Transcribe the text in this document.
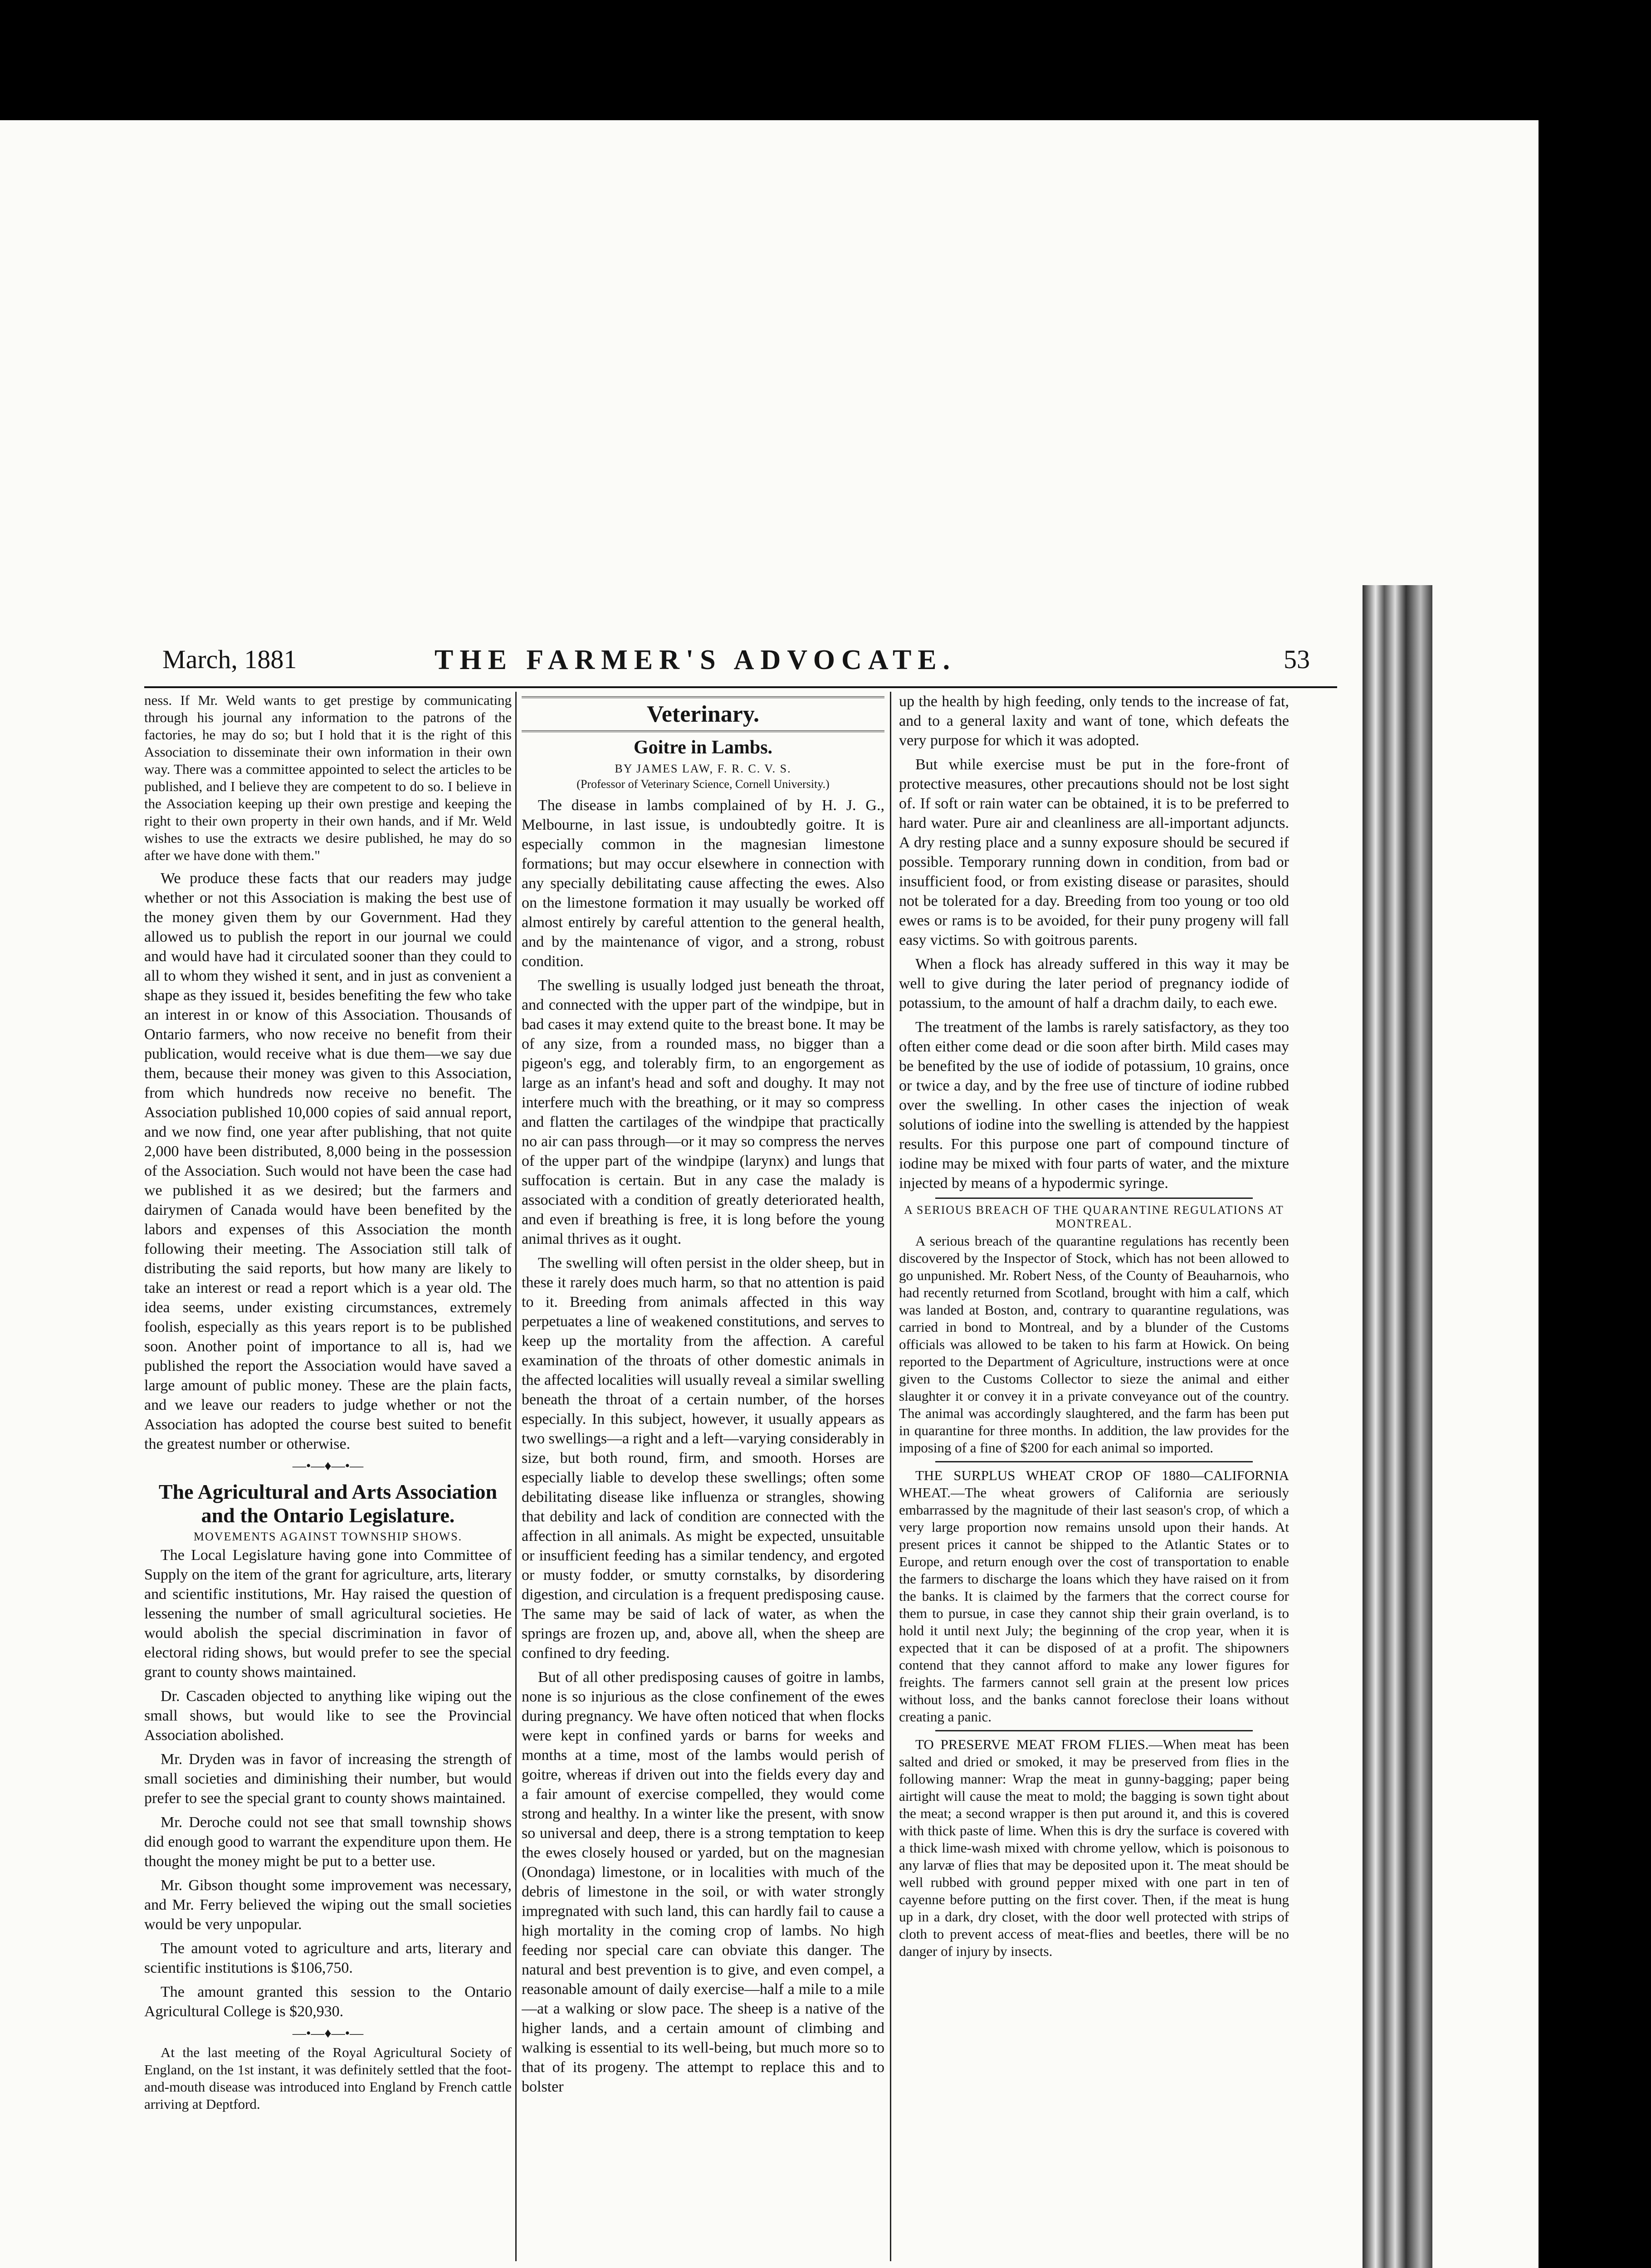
March, 1881	THE FARMER'S ADVOCATE.	53

ness. If Mr. Weld wants to get prestige by communicating through his journal any information to the patrons of the factories, he may do so; but I hold that it is the right of this Association to disseminate their own information in their own way. There was a committee appointed to select the articles to be published, and I believe they are competent to do so. I believe in the Association keeping up their own prestige and keeping the right to their own property in their own hands, and if Mr. Weld wishes to use the extracts we desire published, he may do so after we have done with them."

We produce these facts that our readers may judge whether or not this Association is making the best use of the money given them by our Government. Had they allowed us to publish the report in our journal we could and would have had it circulated sooner than they could to all to whom they wished it sent, and in just as convenient a shape as they issued it, besides benefiting the few who take an interest in or know of this Association. Thousands of Ontario farmers, who now receive no benefit from their publication, would receive what is due them—we say due them, because their money was given to this Association, from which hundreds now receive no benefit. The Association published 10,000 copies of said annual report, and we now find, one year after publishing, that not quite 2,000 have been distributed, 8,000 being in the possession of the Association. Such would not have been the case had we published it as we desired; but the farmers and dairymen of Canada would have been benefited by the labors and expenses of this Association the month following their meeting. The Association still talk of distributing the said reports, but how many are likely to take an interest or read a report which is a year old. The idea seems, under existing circumstances, extremely foolish, especially as this years report is to be published soon. Another point of importance to all is, had we published the report the Association would have saved a large amount of public money. These are the plain facts, and we leave our readers to judge whether or not the Association has adopted the course best suited to benefit the greatest number or otherwise.

—•—♦—•—
The Agricultural and Arts Association and the Ontario Legislature.
MOVEMENTS AGAINST TOWNSHIP SHOWS.

The Local Legislature having gone into Committee of Supply on the item of the grant for agriculture, arts, literary and scientific institutions, Mr. Hay raised the question of lessening the number of small agricultural societies. He would abolish the special discrimination in favor of electoral riding shows, but would prefer to see the special grant to county shows maintained.

Dr. Cascaden objected to anything like wiping out the small shows, but would like to see the Provincial Association abolished.

Mr. Dryden was in favor of increasing the strength of small societies and diminishing their number, but would prefer to see the special grant to county shows maintained.

Mr. Deroche could not see that small township shows did enough good to warrant the expenditure upon them. He thought the money might be put to a better use.

Mr. Gibson thought some improvement was necessary, and Mr. Ferry believed the wiping out the small societies would be very unpopular.

The amount voted to agriculture and arts, literary and scientific institutions is $106,750.

The amount granted this session to the Ontario Agricultural College is $20,930.

—•—♦—•—

At the last meeting of the Royal Agricultural Society of England, on the 1st instant, it was definitely settled that the foot-and-mouth disease was introduced into England by French cattle arriving at Deptford.

Veterinary.
Goitre in Lambs.
BY JAMES LAW, F. R. C. V. S.
(Professor of Veterinary Science, Cornell University.)

The disease in lambs complained of by H. J. G., Melbourne, in last issue, is undoubtedly goitre. It is especially common in the magnesian limestone formations; but may occur elsewhere in connection with any specially debilitating cause affecting the ewes. Also on the limestone formation it may usually be worked off almost entirely by careful attention to the general health, and by the maintenance of vigor, and a strong, robust condition.

The swelling is usually lodged just beneath the throat, and connected with the upper part of the windpipe, but in bad cases it may extend quite to the breast bone. It may be of any size, from a rounded mass, no bigger than a pigeon's egg, and tolerably firm, to an engorgement as large as an infant's head and soft and doughy. It may not interfere much with the breathing, or it may so compress and flatten the cartilages of the windpipe that practically no air can pass through—or it may so compress the nerves of the upper part of the windpipe (larynx) and lungs that suffocation is certain. But in any case the malady is associated with a condition of greatly deteriorated health, and even if breathing is free, it is long before the young animal thrives as it ought.

The swelling will often persist in the older sheep, but in these it rarely does much harm, so that no attention is paid to it. Breeding from animals affected in this way perpetuates a line of weakened constitutions, and serves to keep up the mortality from the affection. A careful examination of the throats of other domestic animals in the affected localities will usually reveal a similar swelling beneath the throat of a certain number, of the horses especially. In this subject, however, it usually appears as two swellings—a right and a left—varying considerably in size, but both round, firm, and smooth. Horses are especially liable to develop these swellings; often some debilitating disease like influenza or strangles, showing that debility and lack of condition are connected with the affection in all animals. As might be expected, unsuitable or insufficient feeding has a similar tendency, and ergoted or musty fodder, or smutty cornstalks, by disordering digestion, and circulation is a frequent predisposing cause. The same may be said of lack of water, as when the springs are frozen up, and, above all, when the sheep are confined to dry feeding.

But of all other predisposing causes of goitre in lambs, none is so injurious as the close confinement of the ewes during pregnancy. We have often noticed that when flocks were kept in confined yards or barns for weeks and months at a time, most of the lambs would perish of goitre, whereas if driven out into the fields every day and a fair amount of exercise compelled, they would come strong and healthy. In a winter like the present, with snow so universal and deep, there is a strong temptation to keep the ewes closely housed or yarded, but on the magnesian (Onondaga) limestone, or in localities with much of the debris of limestone in the soil, or with water strongly impregnated with such land, this can hardly fail to cause a high mortality in the coming crop of lambs. No high feeding nor special care can obviate this danger. The natural and best prevention is to give, and even compel, a reasonable amount of daily exercise—half a mile to a mile—at a walking or slow pace. The sheep is a native of the higher lands, and a certain amount of climbing and walking is essential to its well-being, but much more so to that of its progeny. The attempt to replace this and to bolster

up the health by high feeding, only tends to the increase of fat, and to a general laxity and want of tone, which defeats the very purpose for which it was adopted.

But while exercise must be put in the fore-front of protective measures, other precautions should not be lost sight of. If soft or rain water can be obtained, it is to be preferred to hard water. Pure air and cleanliness are all-important adjuncts. A dry resting place and a sunny exposure should be secured if possible. Temporary running down in condition, from bad or insufficient food, or from existing disease or parasites, should not be tolerated for a day. Breeding from too young or too old ewes or rams is to be avoided, for their puny progeny will fall easy victims. So with goitrous parents.

When a flock has already suffered in this way it may be well to give during the later period of pregnancy iodide of potassium, to the amount of half a drachm daily, to each ewe.

The treatment of the lambs is rarely satisfactory, as they too often either come dead or die soon after birth. Mild cases may be benefited by the use of iodide of potassium, 10 grains, once or twice a day, and by the free use of tincture of iodine rubbed over the swelling. In other cases the injection of weak solutions of iodine into the swelling is attended by the happiest results. For this purpose one part of compound tincture of iodine may be mixed with four parts of water, and the mixture injected by means of a hypodermic syringe.

A SERIOUS BREACH OF THE QUARANTINE REGULATIONS AT MONTREAL.

A serious breach of the quarantine regulations has recently been discovered by the Inspector of Stock, which has not been allowed to go unpunished. Mr. Robert Ness, of the County of Beauharnois, who had recently returned from Scotland, brought with him a calf, which was landed at Boston, and, contrary to quarantine regulations, was carried in bond to Montreal, and by a blunder of the Customs officials was allowed to be taken to his farm at Howick. On being reported to the Department of Agriculture, instructions were at once given to the Customs Collector to sieze the animal and either slaughter it or convey it in a private conveyance out of the country. The animal was accordingly slaughtered, and the farm has been put in quarantine for three months. In addition, the law provides for the imposing of a fine of $200 for each animal so imported.

THE SURPLUS WHEAT CROP OF 1880—CALIFORNIA WHEAT.—The wheat growers of California are seriously embarrassed by the magnitude of their last season's crop, of which a very large proportion now remains unsold upon their hands. At present prices it cannot be shipped to the Atlantic States or to Europe, and return enough over the cost of transportation to enable the farmers to discharge the loans which they have raised on it from the banks. It is claimed by the farmers that the correct course for them to pursue, in case they cannot ship their grain overland, is to hold it until next July; the beginning of the crop year, when it is expected that it can be disposed of at a profit. The shipowners contend that they cannot afford to make any lower figures for freights. The farmers cannot sell grain at the present low prices without loss, and the banks cannot foreclose their loans without creating a panic.

TO PRESERVE MEAT FROM FLIES.—When meat has been salted and dried or smoked, it may be preserved from flies in the following manner: Wrap the meat in gunny-bagging; paper being airtight will cause the meat to mold; the bagging is sown tight about the meat; a second wrapper is then put around it, and this is covered with thick paste of lime. When this is dry the surface is covered with a thick lime-wash mixed with chrome yellow, which is poisonous to any larvæ of flies that may be deposited upon it. The meat should be well rubbed with ground pepper mixed with one part in ten of cayenne before putting on the first cover. Then, if the meat is hung up in a dark, dry closet, with the door well protected with strips of cloth to prevent access of meat-flies and beetles, there will be no danger of injury by insects.
